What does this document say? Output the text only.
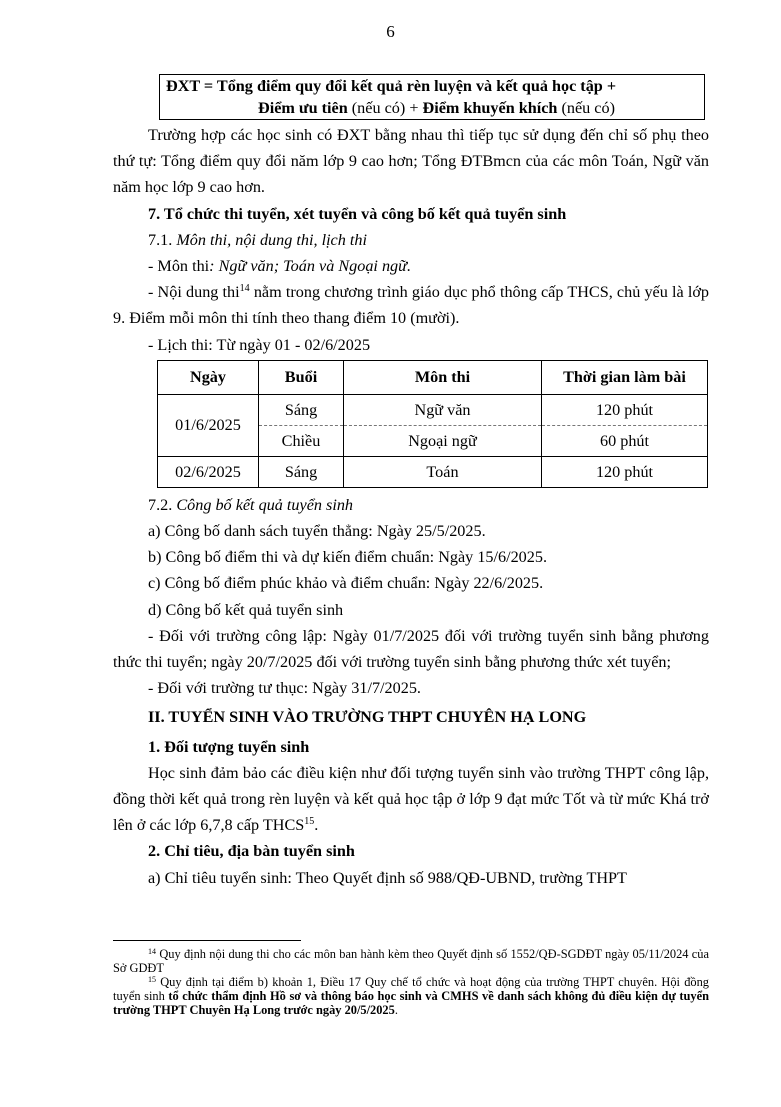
6
ĐXT = Tổng điểm quy đổi kết quả rèn luyện và kết quả học tập +
Điểm ưu tiên (nếu có) + Điểm khuyến khích (nếu có)

Trường hợp các học sinh có ĐXT bằng nhau thì tiếp tục sử dụng đến chỉ số phụ theo thứ tự: Tổng điểm quy đổi năm lớp 9 cao hơn; Tổng ĐTBmcn của các môn Toán, Ngữ văn năm học lớp 9 cao hơn.

7. Tổ chức thi tuyển, xét tuyển và công bố kết quả tuyển sinh

7.1. Môn thi, nội dung thi, lịch thi

- Môn thi: Ngữ văn; Toán và Ngoại ngữ.

- Nội dung thi$^{14}$ nằm trong chương trình giáo dục phổ thông cấp THCS, chủ yếu là lớp 9. Điểm mỗi môn thi tính theo thang điểm 10 (mười).

- Lịch thi: Từ ngày 01 - 02/6/2025

Ngày	Buổi	Môn thi	Thời gian làm bài
01/6/2025	Sáng	Ngữ văn	120 phút
	Chiều	Ngoại ngữ	60 phút
02/6/2025	Sáng	Toán	120 phút

7.2. Công bố kết quả tuyển sinh

a) Công bố danh sách tuyển thẳng: Ngày 25/5/2025.

b) Công bố điểm thi và dự kiến điểm chuẩn: Ngày 15/6/2025.

c) Công bố điểm phúc khảo và điểm chuẩn: Ngày 22/6/2025.

d) Công bố kết quả tuyển sinh

- Đối với trường công lập: Ngày 01/7/2025 đối với trường tuyển sinh bằng phương thức thi tuyển; ngày 20/7/2025 đối với trường tuyển sinh bằng phương thức xét tuyển;

- Đối với trường tư thục: Ngày 31/7/2025.

II. TUYỂN SINH VÀO TRƯỜNG THPT CHUYÊN HẠ LONG

1. Đối tượng tuyển sinh

Học sinh đảm bảo các điều kiện như đối tượng tuyển sinh vào trường THPT công lập, đồng thời kết quả trong rèn luyện và kết quả học tập ở lớp 9 đạt mức Tốt và từ mức Khá trở lên ở các lớp 6,7,8 cấp THCS$^{15}$.

2. Chỉ tiêu, địa bàn tuyển sinh

a) Chỉ tiêu tuyển sinh: Theo Quyết định số 988/QĐ-UBND, trường THPT

$^{14}$ Quy định nội dung thi cho các môn ban hành kèm theo Quyết định số 1552/QĐ-SGDĐT ngày 05/11/2024 của Sở GDĐT

$^{15}$ Quy định tại điểm b) khoản 1, Điều 17 Quy chế tổ chức và hoạt động của trường THPT chuyên. Hội đồng tuyển sinh tổ chức thẩm định Hồ sơ và thông báo học sinh và CMHS về danh sách không đủ điều kiện dự tuyển trường THPT Chuyên Hạ Long trước ngày 20/5/2025.
